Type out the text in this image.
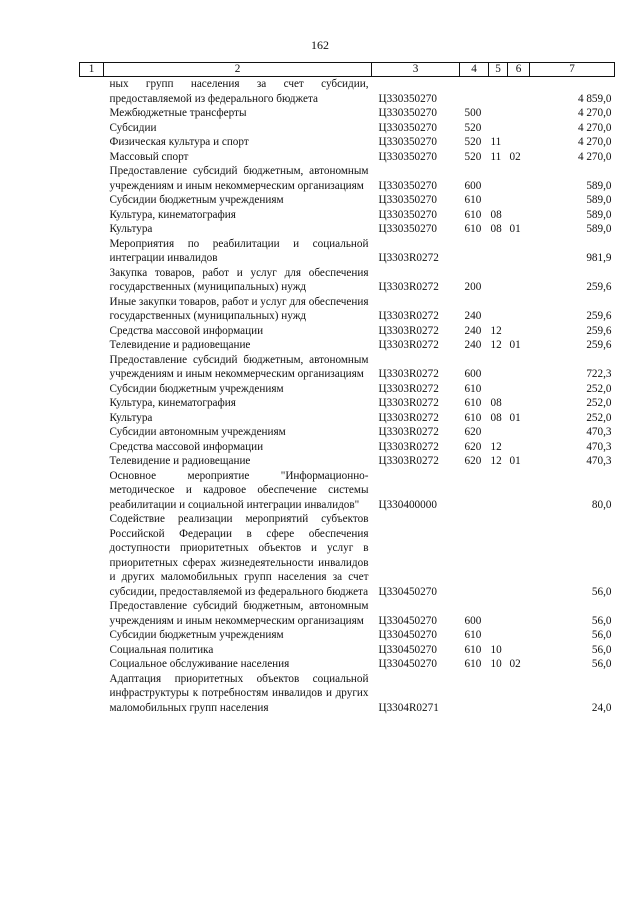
162
1	2	3	4	5	6	7
	ных групп населения за счет субсидии, предоставляемой из федерального бюджета	Ц330350270				4 859,0
	Межбюджетные трансферты	Ц330350270	500			4 270,0
	Субсидии	Ц330350270	520			4 270,0
	Физическая культура и спорт	Ц330350270	520	11		4 270,0
	Массовый спорт	Ц330350270	520	11	02	4 270,0
	Предоставление субсидий бюджетным, автономным учреждениям и иным некоммерческим организациям	Ц330350270	600			589,0
	Субсидии бюджетным учреждениям	Ц330350270	610			589,0
	Культура, кинематография	Ц330350270	610	08		589,0
	Культура	Ц330350270	610	08	01	589,0
	Мероприятия по реабилитации и социальной интеграции инвалидов	Ц3303R0272				981,9
	Закупка товаров, работ и услуг для обеспечения государственных (муниципальных) нужд	Ц3303R0272	200			259,6
	Иные закупки товаров, работ и услуг для обеспечения государственных (муниципальных) нужд	Ц3303R0272	240			259,6
	Средства массовой информации	Ц3303R0272	240	12		259,6
	Телевидение и радиовещание	Ц3303R0272	240	12	01	259,6
	Предоставление субсидий бюджетным, автономным учреждениям и иным некоммерческим организациям	Ц3303R0272	600			722,3
	Субсидии бюджетным учреждениям	Ц3303R0272	610			252,0
	Культура, кинематография	Ц3303R0272	610	08		252,0
	Культура	Ц3303R0272	610	08	01	252,0
	Субсидии автономным учреждениям	Ц3303R0272	620			470,3
	Средства массовой информации	Ц3303R0272	620	12		470,3
	Телевидение и радиовещание	Ц3303R0272	620	12	01	470,3
	Основное мероприятие "Информационно-методическое и кадровое обеспечение системы реабилитации и социальной интеграции инвалидов"	Ц330400000				80,0
	Содействие реализации мероприятий субъектов Российской Федерации в сфере обеспечения доступности приоритетных объектов и услуг в приоритетных сферах жизнедеятельности инвалидов и других маломобильных групп населения за счет субсидии, предоставляемой из федерального бюджета	Ц330450270				56,0
	Предоставление субсидий бюджетным, автономным учреждениям и иным некоммерческим организациям	Ц330450270	600			56,0
	Субсидии бюджетным учреждениям	Ц330450270	610			56,0
	Социальная политика	Ц330450270	610	10		56,0
	Социальное обслуживание населения	Ц330450270	610	10	02	56,0
	Адаптация приоритетных объектов социальной инфраструктуры к потребностям инвалидов и других маломобильных групп населения	Ц3304R0271				24,0
